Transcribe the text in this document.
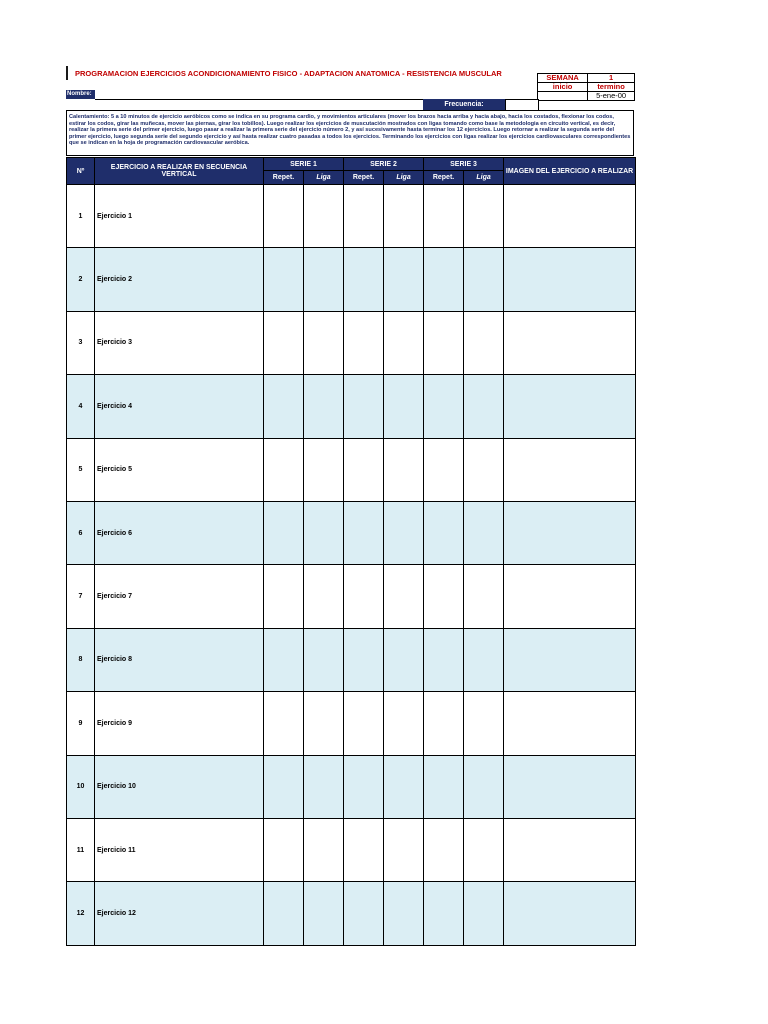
PROGRAMACION EJERCICIOS ACONDICIONAMIENTO FISICO - ADAPTACION ANATOMICA - RESISTENCIA MUSCULAR	SEMANA	1
inicio	termino
	5-ene-00
Nombre:
Frecuencia:
Calentamiento: 5 a 10 minutos de ejercicio aeróbicos como se indica en su programa cardio, y movimientos articulares (mover los brazos hacia arriba y hacia abajo, hacia los costados, flexionar los codos, estirar los codos, girar las muñecas, mover las piernas, girar los tobillos). Luego realizar los ejercicios de muscutación mostrados con ligas tomando como base la metodologia en circuito vertical, es decir, realizar la primera serie del primer ejercicio, luego pasar a realizar la primera serie del ejercicio número 2, y así sucesivamente hasta terminar los 12 ejercicios. Luego retornar a realizar la segunda serie del primer ejercicio, luego segunda serie del segundo ejercicio y así hasta realizar cuatro pasadas a todos los ejercicios. Terminando los ejercicios con ligas realizar los ejercicios cardiovasculares correspondientes que se indican en la hoja de programación cardiovascular aeróbica.
Nº	EJERCICIO A REALIZAR EN SECUENCIA VERTICAL	SERIE 1		SERIE 2		SERIE 3		IMAGEN DEL EJERCICIO A REALIZAR
		Repet.	Liga	Repet.	Liga	Repet.	Liga	
1	Ejercicio 1							
2	Ejercicio 2							
3	Ejercicio 3							
4	Ejercicio 4							
5	Ejercicio 5							
6	Ejercicio 6							
7	Ejercicio 7							
8	Ejercicio 8							
9	Ejercicio 9							
10	Ejercicio 10							
11	Ejercicio 11							
12	Ejercicio 12							
